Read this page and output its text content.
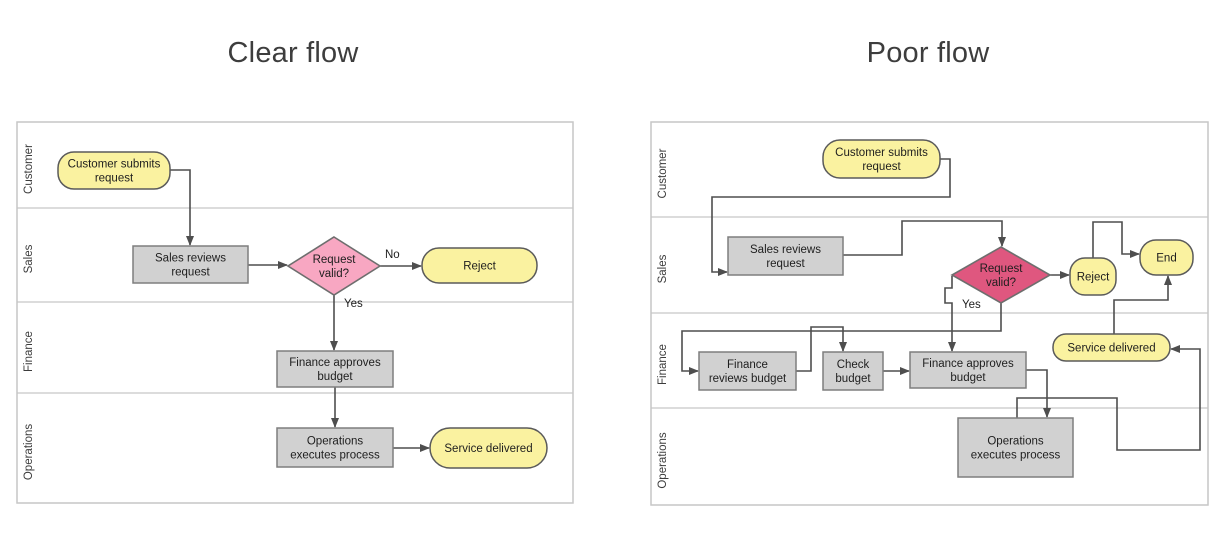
Clear flow	Poor flow
Customer
Sales
Finance
Operations
No
Yes
Customer submits request
Sales reviews request
Request valid?
Reject
Finance approves budget
Operations executes process
Service delivered
Customer
Sales
Finance
Operations
Yes
Customer submits request
Sales reviews request	Request valid?	Reject
End
Finance reviews budget
Check budget
Finance approves budget
Operations executes process
Service delivered
